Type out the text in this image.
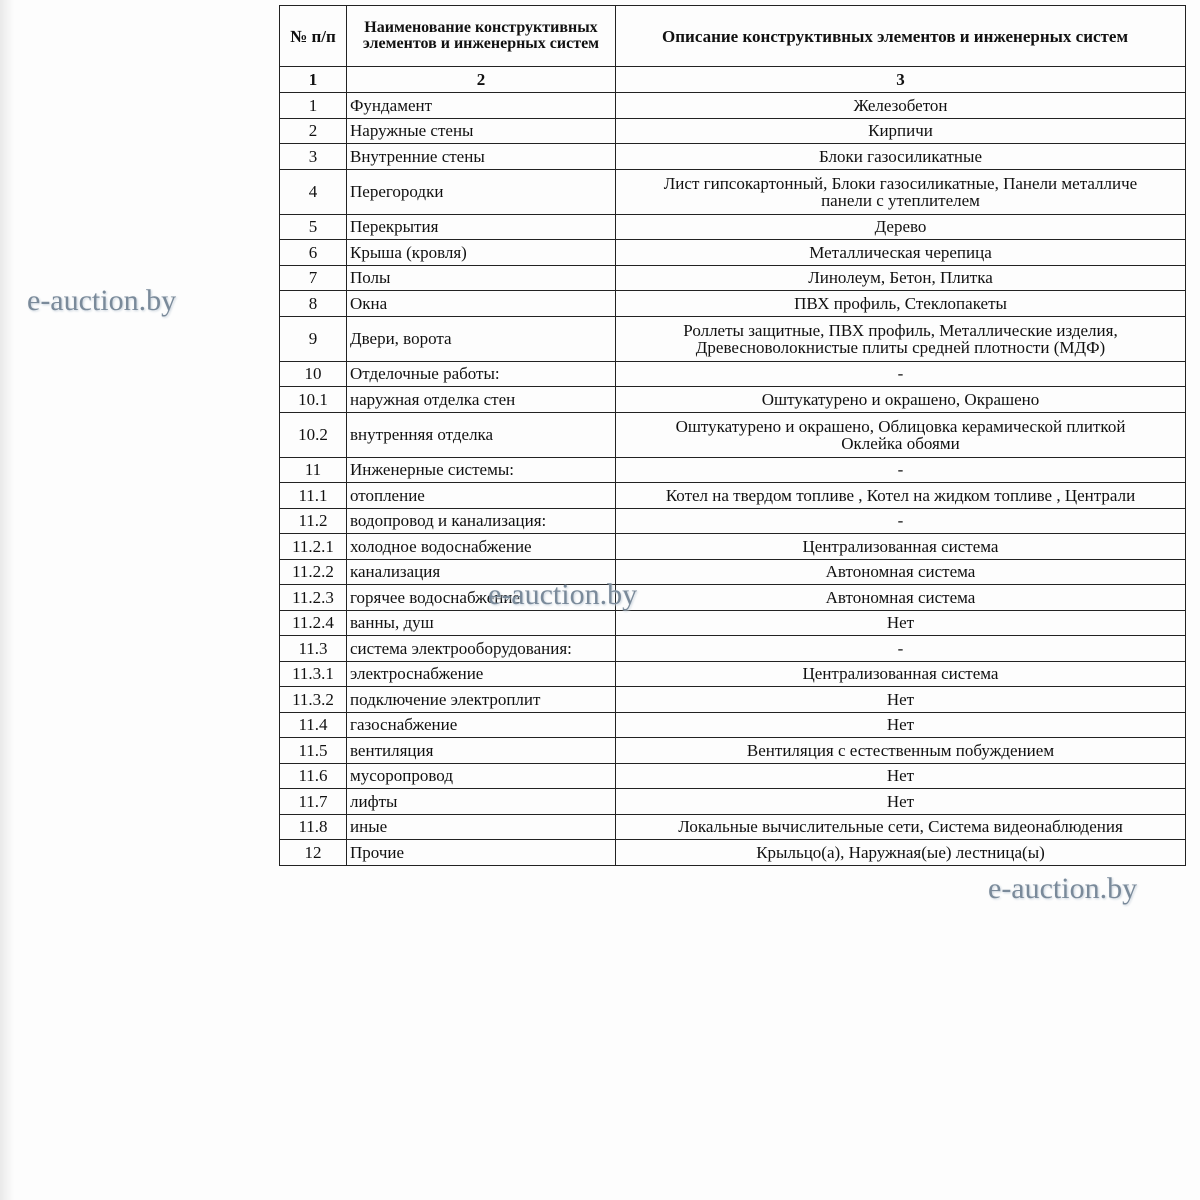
№ п/п	Наименование конструктивных элементов и инженерных систем	Описание конструктивных элементов и инженерных систем
1	2	3
1	Фундамент	Железобетон

2	Наружные стены	Кирпичи

3	Внутренние стены	Блоки газосиликатные

4	Перегородки	Лист гипсокартонный, Блоки газосиликатные, Панели металличе
панели с утеплителем

5	Перекрытия	Дерево

6	Крыша (кровля)	Металлическая черепица

7	Полы	Линолеум, Бетон, Плитка

8	Окна	ПВХ профиль, Стеклопакеты

9	Двери, ворота	Роллеты защитные, ПВХ профиль, Металлические изделия,
Древесноволокнистые плиты средней плотности (МДФ)

10	Отделочные работы:	-

10.1	наружная отделка стен	Оштукатурено и окрашено, Окрашено

10.2	внутренняя отделка	Оштукатурено и окрашено, Облицовка керамической плиткой
Оклейка обоями

11	Инженерные системы:	-

11.1	отопление	Котел на твердом топливе , Котел на жидком топливе , Централи

11.2	водопровод и канализация:	-

11.2.1	холодное водоснабжение	Централизованная система

11.2.2	канализация	Автономная система

11.2.3	горячее водоснабжение	Автономная система

11.2.4	ванны, душ	Нет

11.3	система электрооборудования:	-

11.3.1	электроснабжение	Централизованная система

11.3.2	подключение электроплит	Нет

11.4	газоснабжение	Нет

11.5	вентиляция	Вентиляция с естественным побуждением

11.6	мусоропровод	Нет

11.7	лифты	Нет

11.8	иные	Локальные вычислительные сети, Система видеонаблюдения

12	Прочие	Крыльцо(а), Наружная(ые) лестница(ы)
e-auction.by
e-auction.by
e-auction.by
